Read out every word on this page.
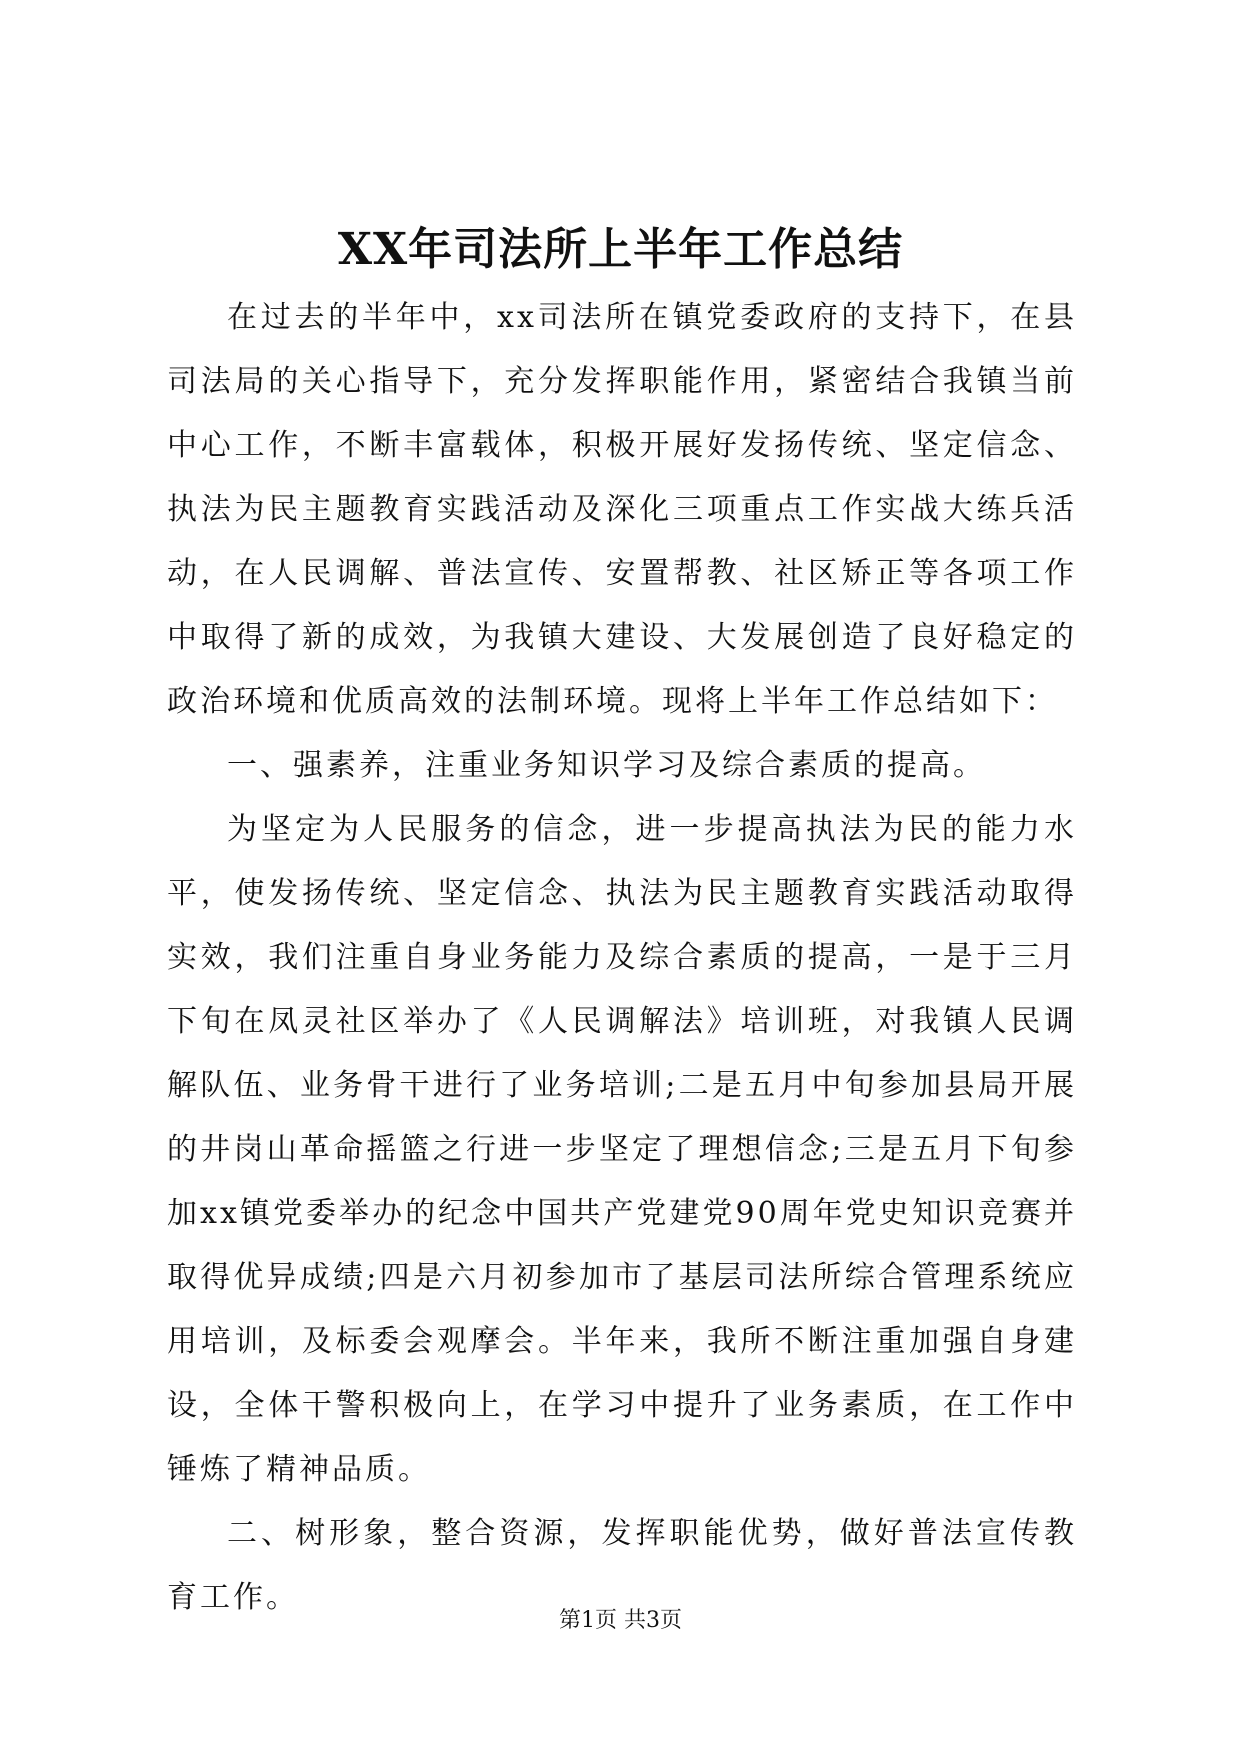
XX年司法所上半年工作总结

在过去的半年中，xx司法所在镇党委政府的支持下，在县司法局的关心指导下，充分发挥职能作用，紧密结合我镇当前中心工作，不断丰富载体，积极开展好发扬传统、坚定信念、执法为民主题教育实践活动及深化三项重点工作实战大练兵活动，在人民调解、普法宣传、安置帮教、社区矫正等各项工作中取得了新的成效，为我镇大建设、大发展创造了良好稳定的政治环境和优质高效的法制环境。现将上半年工作总结如下：

一、强素养，注重业务知识学习及综合素质的提高。

为坚定为人民服务的信念，进一步提高执法为民的能力水平，使发扬传统、坚定信念、执法为民主题教育实践活动取得实效，我们注重自身业务能力及综合素质的提高，一是于三月下旬在凤灵社区举办了《人民调解法》培训班，对我镇人民调解队伍、业务骨干进行了业务培训;二是五月中旬参加县局开展的井岗山革命摇篮之行进一步坚定了理想信念;三是五月下旬参加xx镇党委举办的纪念中国共产党建党90周年党史知识竞赛并取得优异成绩;四是六月初参加市了基层司法所综合管理系统应用培训，及标委会观摩会。半年来，我所不断注重加强自身建设，全体干警积极向上，在学习中提升了业务素质，在工作中锤炼了精神品质。

二、树形象，整合资源，发挥职能优势，做好普法宣传教育工作。

第1页 共3页
